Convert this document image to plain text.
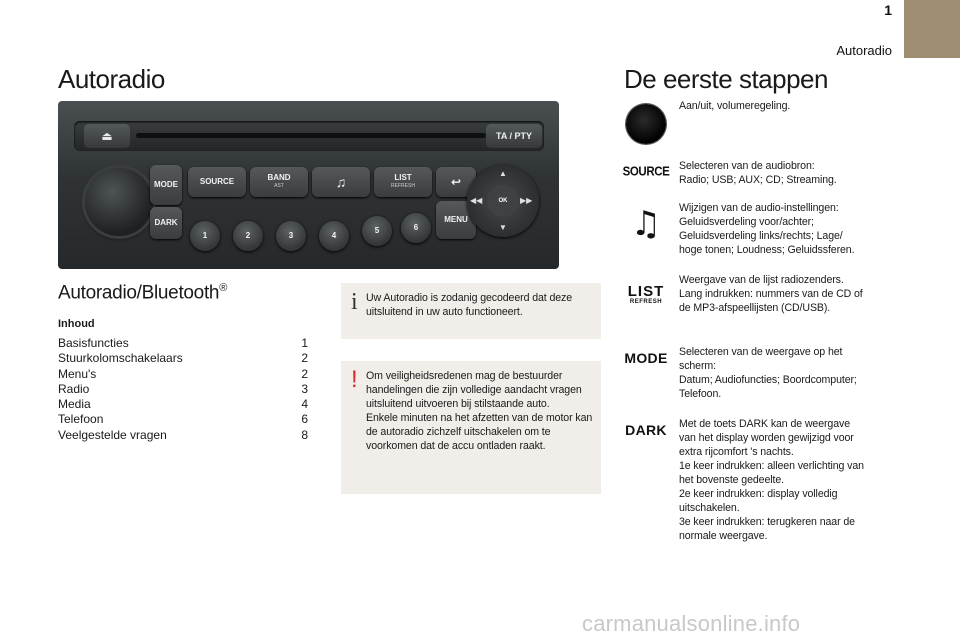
1
Autoradio
Autoradio
⏏	TA / PTY
MODE
DARK
SOURCE	BAND
AST	♫	LIST
REFRESH	↩
MENU
1	2	3	4
5	6
OK
▲
▼
◀◀	▶▶
Autoradio/Bluetooth®
Inhoud
Basisfuncties	1
Stuurkolomschakelaars	2
Menu's	2
Radio	3
Media	4
Telefoon	6
Veelgestelde vragen	8
i Uw Autoradio is zodanig gecodeerd dat deze uitsluitend in uw auto functioneert.

! Om veiligheidsredenen mag de bestuurder handelingen die zijn volledige aandacht vragen uitsluitend uitvoeren bij stilstaande auto.
Enkele minuten na het afzetten van de motor kan de autoradio zichzelf uitschakelen om te voorkomen dat de accu ontladen raakt.

De eerste stappen
Aan/uit, volumeregeling.
SOURCE Selecteren van de audiobron:
Radio; USB; AUX; CD; Streaming.
♫ Wijzigen van de audio-instellingen:
Geluidsverdeling voor/achter;
Geluidsverdeling links/rechts; Lage/
hoge tonen; Loudness; Geluidssferen.
LIST
REFRESH
Weergave van de lijst radiozenders.
Lang indrukken: nummers van de CD of
de MP3-afspeellijsten (CD/USB).
MODE Selecteren van de weergave op het
scherm:
Datum; Audiofuncties; Boordcomputer;
Telefoon.
DARK Met de toets DARK kan de weergave
van het display worden gewijzigd voor
extra rijcomfort 's nachts.
1e keer indrukken: alleen verlichting van
het bovenste gedeelte.
2e keer indrukken: display volledig
uitschakelen.
3e keer indrukken: terugkeren naar de
normale weergave.
carmanualsonline.info
